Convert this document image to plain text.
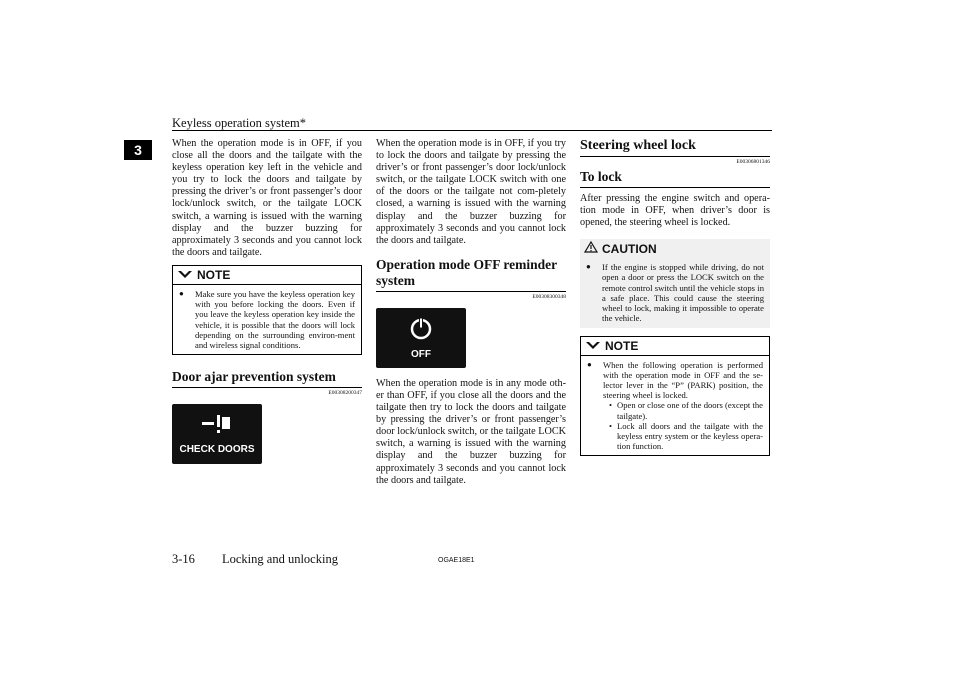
Keyless operation system*
3	When the operation mode is in OFF, if you close all the doors and the tailgate with the keyless operation key left in the vehicle and you try to lock the doors and tailgate by pressing the driver’s or front passenger’s door lock/unlock switch, or the tailgate LOCK switch, a warning is issued with the warning display and the buzzer buzzing for approximately 3 seconds and you cannot lock the doors and tailgate.

NOTE
●	Make sure you have the keyless operation key with you before locking the doors. Even if you leave the keyless operation key inside the vehicle, it is possible that the doors will lock depending on the surrounding environ-ment and wireless signal conditions.
Door ajar prevention system
E00308200347
CHECK DOORS

When the operation mode is in OFF, if you try to lock the doors and tailgate by pressing the driver’s or front passenger’s door lock/unlock switch, or the tailgate LOCK switch with one of the doors or the tailgate not com-pletely closed, a warning is issued with the warning display and the buzzer buzzing for approximately 3 seconds and you cannot lock the doors and tailgate.

Operation mode OFF reminder
system
E00308300348
OFF

When the operation mode is in any mode oth-er than OFF, if you close all the doors and the tailgate then try to lock the doors and tailgate by pressing the driver’s or front passenger’s door lock/unlock switch, or the tailgate LOCK switch, a warning is issued with the warning display and the buzzer buzzing for approximately 3 seconds and you cannot lock the doors and tailgate.

Steering wheel lock
E00306801346
To lock

After pressing the engine switch and opera-tion mode in OFF, when driver’s door is opened, the steering wheel is locked.

CAUTION
●	If the engine is stopped while driving, do not open a door or press the LOCK switch on the remote control switch until the vehicle stops in a safe place. This could cause the steering wheel to lock, making it impossible to operate the vehicle.
NOTE
●	When the following operation is performed with the operation mode in OFF and the se-lector lever in the “P” (PARK) position, the steering wheel is locked.
• Open or close one of the doors (except the tailgate).
• Lock all doors and the tailgate with the keyless entry system or the keyless opera-tion function.
3-16 Locking and unlocking	OGAE18E1
